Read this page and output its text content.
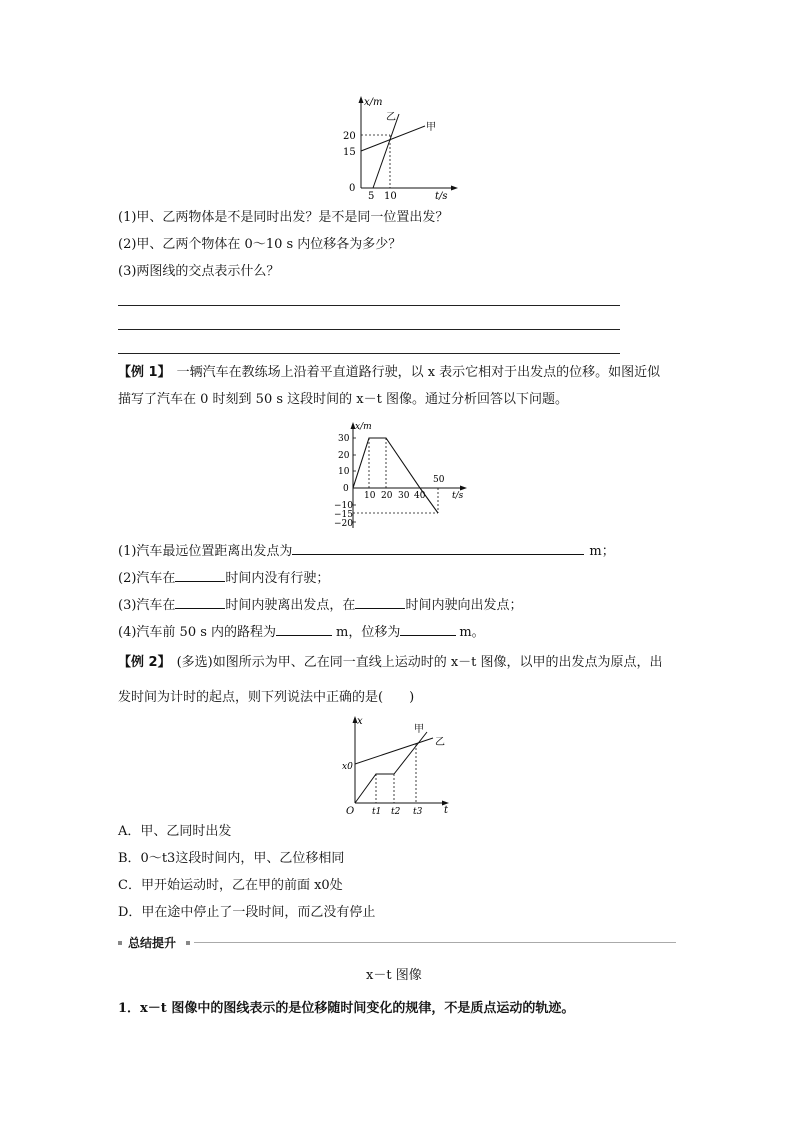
x/m
t/s
20
15
0
5 10
乙
甲
(1)甲、乙两物体是不是同时出发？是不是同一位置出发？
(2)甲、乙两个物体在 0～10 s 内位移各为多少？
(3)两图线的交点表示什么？
【例 1】 一辆汽车在教练场上沿着平直道路行驶，以 x 表示它相对于出发点的位移。如图近似
描写了汽车在 0 时刻到 50 s 这段时间的 x－t 图像。通过分析回答以下问题。
x/m
t/s
30
20
10
0
−10
−15
−20
10 20 30 40
50
(1)汽车最远位置距离出发点为	m；
(2)汽车在	时间内没有行驶；
(3)汽车在	时间内驶离出发点，在	时间内驶向出发点；
(4)汽车前 50 s 内的路程为	m，位移为	m。
【例 2】 (多选)如图所示为甲、乙在同一直线上运动时的 x－t 图像，以甲的出发点为原点，出
发时间为计时的起点，则下列说法中正确的是(　　)
x
t
O
x0
t1 t2 t3
甲
乙
A．甲、乙同时出发
B．0～t3这段时间内，甲、乙位移相同
C．甲开始运动时，乙在甲的前面 x0处
D．甲在途中停止了一段时间，而乙没有停止
总结提升
x－t 图像
1．x－t 图像中的图线表示的是位移随时间变化的规律，不是质点运动的轨迹。
